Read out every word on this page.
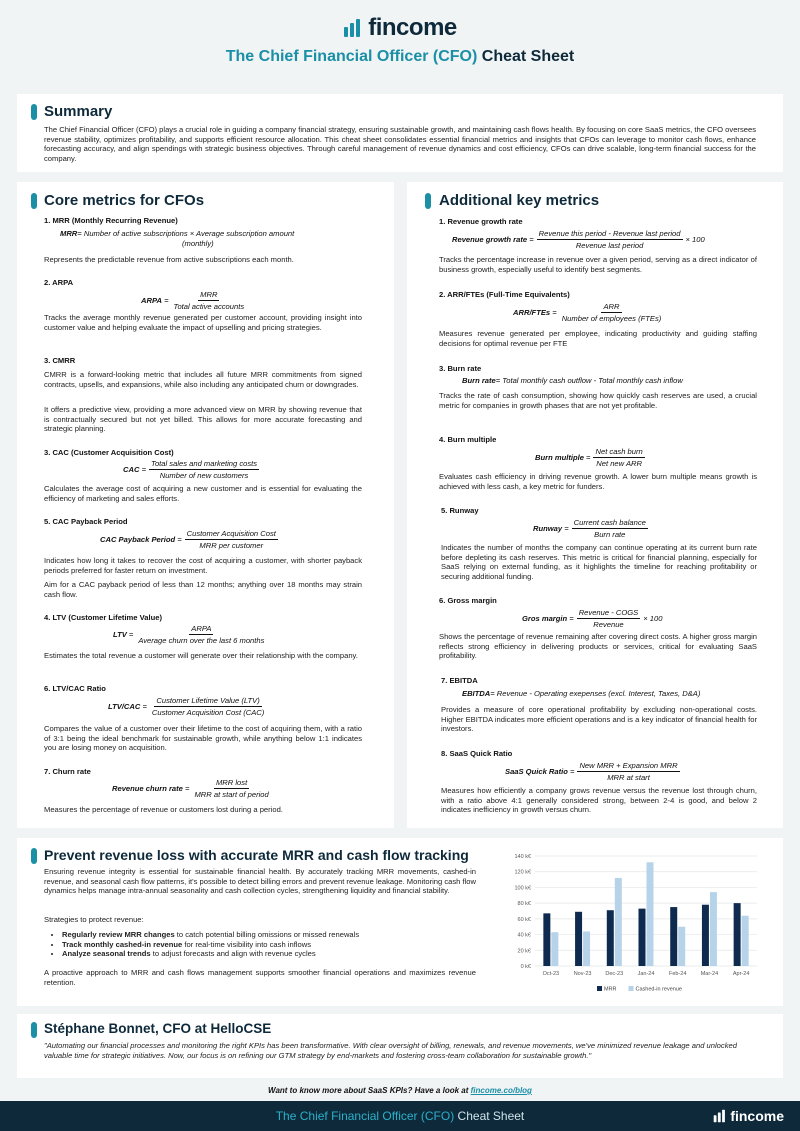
fincome
The Chief Financial Officer (CFO) Cheat Sheet
Summary

The Chief Financial Officer (CFO) plays a crucial role in guiding a company financial strategy, ensuring sustainable growth, and maintaining cash flows health. By focusing on core SaaS metrics, the CFO oversees revenue stability, optimizes profitability, and supports efficient resource allocation. This cheat sheet consolidates essential financial metrics and insights that CFOs can leverage to monitor cash flows, enhance forecasting accuracy, and align spendings with strategic business objectives. Through careful management of revenue dynamics and cost efficiency, CFOs can drive scalable, long-term financial success for the company.

Core metrics for CFOs
1. MRR (Monthly Recurring Revenue)
MRR = Number of active subscriptions × Average subscription amount
(monthly)

Represents the predictable revenue from active subscriptions each month.

2. ARPA
ARPA = $\frac{\text{MRR}}{\text{Total active accounts}}$

Tracks the average monthly revenue generated per customer account, providing insight into customer value and helping evaluate the impact of upselling and pricing strategies.

3. CMRR

CMRR is a forward-looking metric that includes all future MRR commitments from signed contracts, upsells, and expansions, while also including any anticipated churn or downgrades.

It offers a predictive view, providing a more advanced view on MRR by showing revenue that is contractually secured but not yet billed. This allows for more accurate forecasting and strategic planning.

3. CAC (Customer Acquisition Cost)
CAC = $\frac{\text{Total sales and marketing costs}}{\text{Number of new customers}}$

Calculates the average cost of acquiring a new customer and is essential for evaluating the efficiency of marketing and sales efforts.

5. CAC Payback Period
CAC Payback Period = $\frac{\text{Customer Acquisition Cost}}{\text{MRR per customer}}$

Indicates how long it takes to recover the cost of acquiring a customer, with shorter payback periods preferred for faster return on investment.

Aim for a CAC payback period of less than 12 months; anything over 18 months may strain cash flow.

4. LTV (Customer Lifetime Value)
LTV = $\frac{\text{ARPA}}{\text{Average churn over the last 6 months}}$

Estimates the total revenue a customer will generate over their relationship with the company.

6. LTV/CAC Ratio
$LTV/CAC = \frac{\text{Customer Lifetime Value (LTV)}}{\text{Customer Acquisition Cost (CAC)}}$

Compares the value of a customer over their lifetime to the cost of acquiring them, with a ratio of 3:1 being the ideal benchmark for sustainable growth, while anything below 1:1 indicates you are losing money on acquisition.

7. Churn rate
Revenue churn rate = $\frac{\text{MRR lost}}{\text{MRR at start of period}}$

Measures the percentage of revenue or customers lost during a period.

Additional key metrics
1. Revenue growth rate
Revenue growth rate = $\frac{\text{Revenue this period - Revenue last period}}{\text{Revenue last period}} \times 100$

Tracks the percentage increase in revenue over a given period, serving as a direct indicator of business growth, especially useful to identify best segments.

2. ARR/FTEs (Full-Time Equivalents)
ARR/FTEs = $\frac{\text{ARR}}{\text{Number of employees (FTEs)}}$

Measures revenue generated per employee, indicating productivity and guiding staffing decisions for optimal revenue per FTE

3. Burn rate
Burn rate = Total monthly cash outflow - Total monthly cash inflow

Tracks the rate of cash consumption, showing how quickly cash reserves are used, a crucial metric for companies in growth phases that are not yet profitable.

4. Burn multiple
Burn multiple = $\frac{\text{Net cash burn}}{\text{Net new ARR}}$

Evaluates cash efficiency in driving revenue growth. A lower burn multiple means growth is achieved with less cash, a key metric for funders.

5. Runway
Runway = $\frac{\text{Current cash balance}}{\text{Burn rate}}$

Indicates the number of months the company can continue operating at its current burn rate before depleting its cash reserves. This metric is critical for financial planning, especially for SaaS relying on external funding, as it highlights the timeline for reaching profitability or securing additional funding.

6. Gross margin
Gros margin = $\frac{\text{Revenue - COGS}}{\text{Revenue}} \times 100$

Shows the percentage of revenue remaining after covering direct costs. A higher gross margin reflects strong efficiency in delivering products or services, critical for evaluating SaaS profitability.

7. EBITDA
EBITDA = Revenue - Operating exepenses (excl. Interest, Taxes, D&A)

Provides a measure of core operational profitability by excluding non-operational costs. Higher EBITDA indicates more efficient operations and is a key indicator of financial health for investors.

8. SaaS Quick Ratio
SaaS Quick Ratio = $\frac{\text{New MRR + Expansion MRR}}{\text{MRR at start}}$

Measures how efficiently a company grows revenue versus the revenue lost through churn, with a ratio above 4:1 generally considered strong, between 2-4 is good, and below 2 indicates inefficiency in growth versus churn.

Prevent revenue loss with accurate MRR and cash flow tracking

Ensuring revenue integrity is essential for sustainable financial health. By accurately tracking MRR movements, cashed-in revenue, and seasonal cash flow patterns, it's possible to detect billing errors and prevent revenue leakage. Monitoring cash flow dynamics helps manage intra-annual seasonality and cash collection cycles, strengthening liquidity and financial stability.

Strategies to protect revenue:
• Regularly review MRR changes to catch potential billing omissions or missed renewals
• Track monthly cashed-in revenue for real-time visibility into cash inflows
• Analyze seasonal trends to adjust forecasts and align with revenue cycles

A proactive approach to MRR and cash flows management supports smoother financial operations and maximizes revenue retention.

0 k€
20 k€
40 k€
60 k€
80 k€
100 k€
120 k€
140 k€
Oct-23	Nov-23	Dec-23	Jan-24	Feb-24	Mar-24	Apr-24
MRR	Cashed-in revenue
Stéphane Bonnet, CFO at HelloCSE

"Automating our financial processes and monitoring the right KPIs has been transformative. With clear oversight of billing, renewals, and revenue movements, we've minimized revenue leakage and unlocked valuable time for strategic initiatives. Now, our focus is on refining our GTM strategy by end-markets and fostering cross-team collaboration for sustainable growth."

Want to know more about SaaS KPIs? Have a look at fincome.co/blog
The Chief Financial Officer (CFO) Cheat Sheet	fincome
